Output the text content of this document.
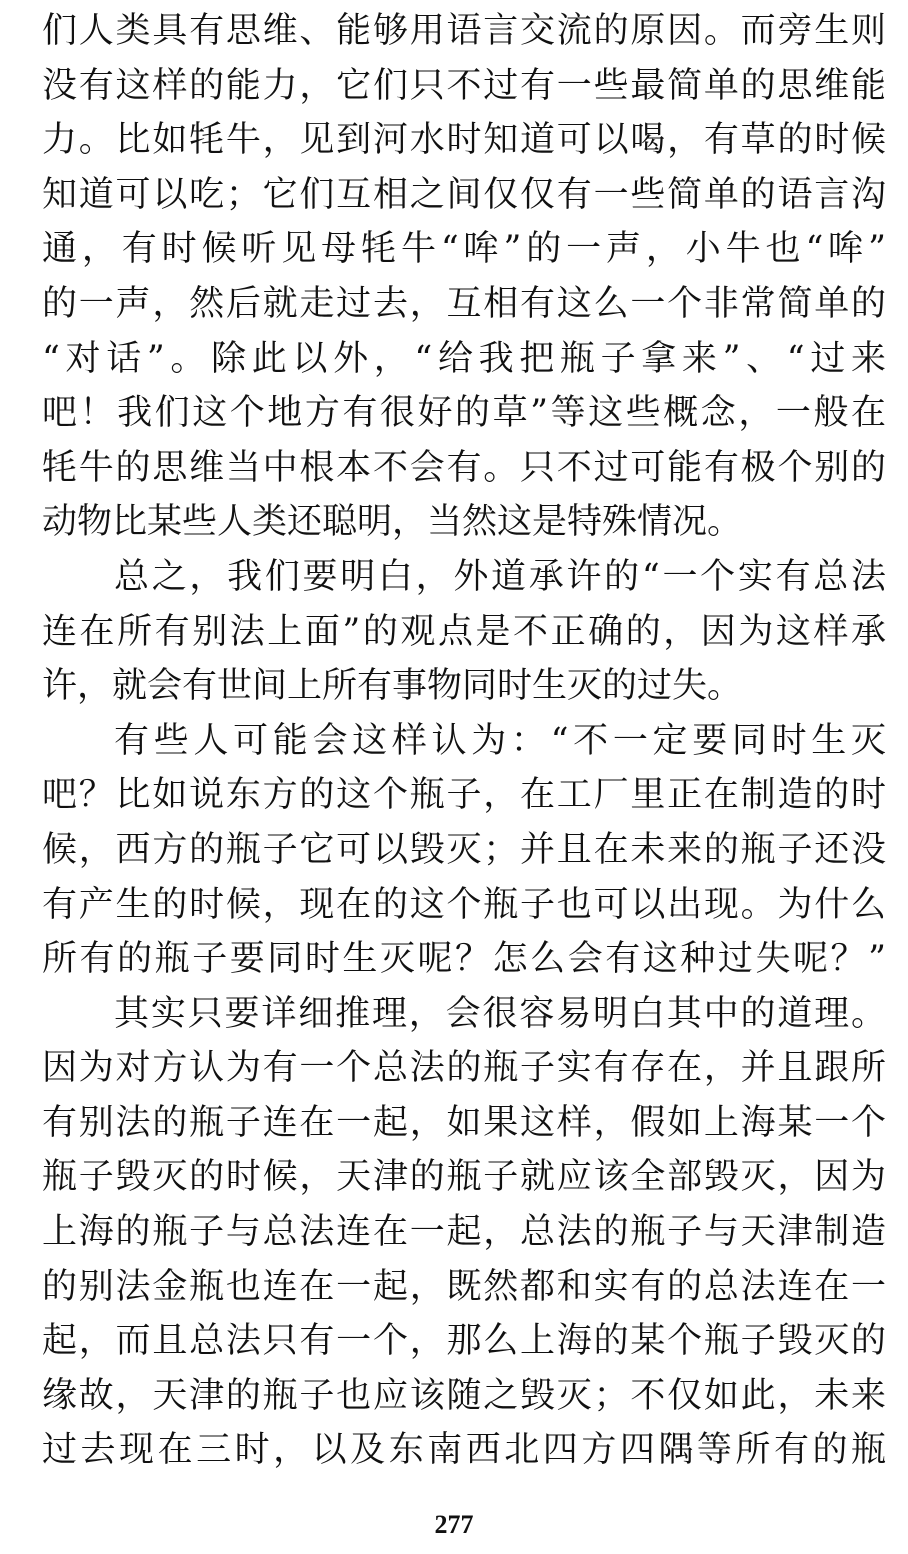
们人类具有思维、能够用语言交流的原因。而旁生则
没有这样的能力，它们只不过有一些最简单的思维能
力。比如牦牛，见到河水时知道可以喝，有草的时候
知道可以吃；它们互相之间仅仅有一些简单的语言沟
通，有时候听见母牦牛“哞”的一声，小牛也“哞”
的一声，然后就走过去，互相有这么一个非常简单的
“对话”。除此以外，“给我把瓶子拿来”、“过来
吧！我们这个地方有很好的草”等这些概念，一般在
牦牛的思维当中根本不会有。只不过可能有极个别的
动物比某些人类还聪明，当然这是特殊情况。
总之，我们要明白，外道承许的“一个实有总法
连在所有别法上面”的观点是不正确的，因为这样承
许，就会有世间上所有事物同时生灭的过失。
有些人可能会这样认为：“不一定要同时生灭
吧？比如说东方的这个瓶子，在工厂里正在制造的时
候，西方的瓶子它可以毁灭；并且在未来的瓶子还没
有产生的时候，现在的这个瓶子也可以出现。为什么
所有的瓶子要同时生灭呢？怎么会有这种过失呢？”
其实只要详细推理，会很容易明白其中的道理。
因为对方认为有一个总法的瓶子实有存在，并且跟所
有别法的瓶子连在一起，如果这样，假如上海某一个
瓶子毁灭的时候，天津的瓶子就应该全部毁灭，因为
上海的瓶子与总法连在一起，总法的瓶子与天津制造
的别法金瓶也连在一起，既然都和实有的总法连在一
起，而且总法只有一个，那么上海的某个瓶子毁灭的
缘故，天津的瓶子也应该随之毁灭；不仅如此，未来
过去现在三时，以及东南西北四方四隅等所有的瓶
277
